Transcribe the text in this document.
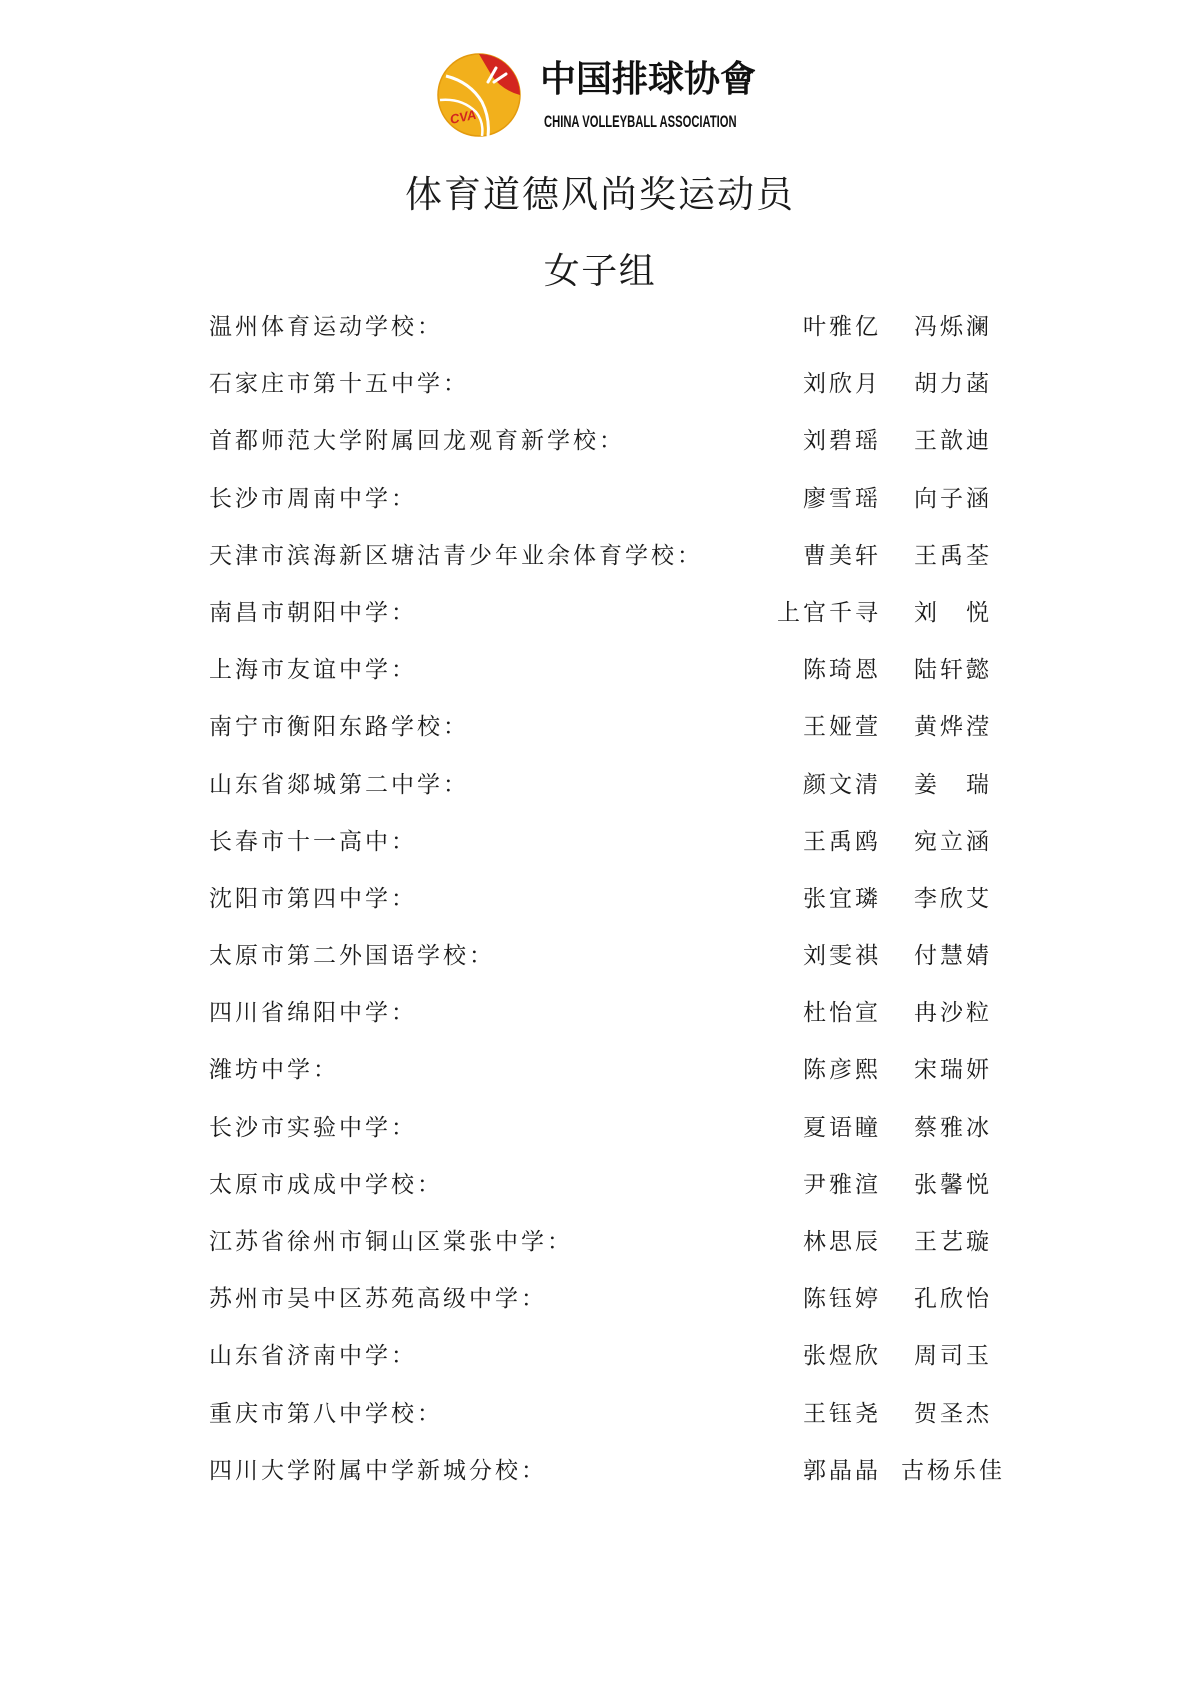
CVA
中国排球协會
CHINA VOLLEYBALL ASSOCIATION
体育道德风尚奖运动员
女子组
温州体育运动学校：	叶雅亿	冯烁澜
石家庄市第十五中学：	刘欣月	胡力菡
首都师范大学附属回龙观育新学校：	刘碧瑶	王歆迪
长沙市周南中学：	廖雪瑶	向子涵
天津市滨海新区塘沽青少年业余体育学校：	曹美轩	王禹荃
南昌市朝阳中学：	上官千寻	刘　悦
上海市友谊中学：	陈琦恩	陆轩懿
南宁市衡阳东路学校：	王娅萱	黄烨滢
山东省郯城第二中学：	颜文清	姜　瑞
长春市十一高中：	王禹鸥	宛立涵
沈阳市第四中学：	张宜璘	李欣艾
太原市第二外国语学校：	刘雯祺	付慧婧
四川省绵阳中学：	杜怡宣	冉沙粒
潍坊中学：	陈彦熙	宋瑞妍
长沙市实验中学：	夏语瞳	蔡雅冰
太原市成成中学校：	尹雅渲	张馨悦
江苏省徐州市铜山区棠张中学：	林思辰	王艺璇
苏州市吴中区苏苑高级中学：	陈钰婷	孔欣怡
山东省济南中学：	张煜欣	周司玉
重庆市第八中学校：	王钰尧	贺圣杰
四川大学附属中学新城分校：	郭晶晶 古杨乐佳
